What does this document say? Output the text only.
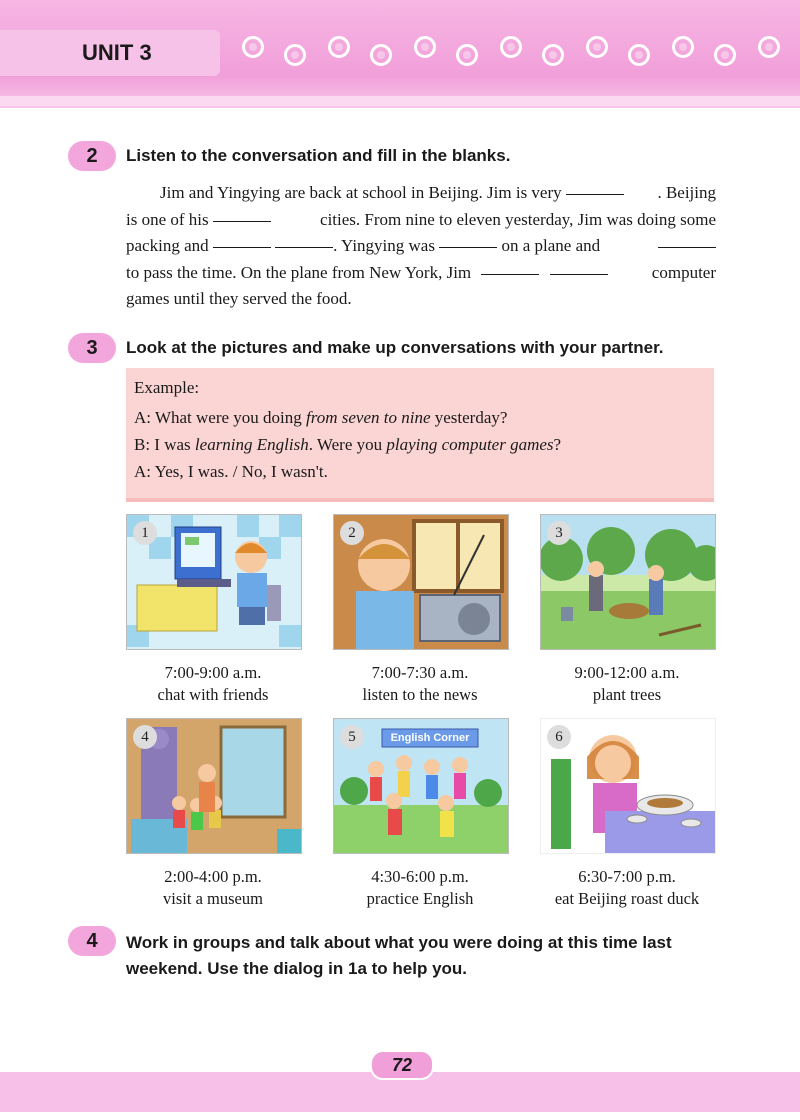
UNIT 3
2	Listen to the conversation and fill in the blanks.
Jim and Yingying are back at school in Beijing. Jim is very	. Beijing
is one of his	cities. From nine to eleven yesterday, Jim was doing some
packing and
	. Yingying was	on a plane and
to pass the time. On the plane from New York, Jim
	computer
games until they served the food.
3	Look at the pictures and make up conversations with your partner.
Example:
A: What were you doing from seven to nine yesterday?
B: I was learning English. Were you playing computer games?
A: Yes, I was. / No, I wasn't.
1
7:00-9:00 a.m.
chat with friends
2
7:00-7:30 a.m.
listen to the news
3
9:00-12:00 a.m.
plant trees
4
2:00-4:00 p.m.
visit a museum
English Corner
5
4:30-6:00 p.m.
practice English
6
6:30-7:00 p.m.
eat Beijing roast duck
4	Work in groups and talk about what you were doing at this time last
weekend. Use the dialog in 1a to help you.
72
